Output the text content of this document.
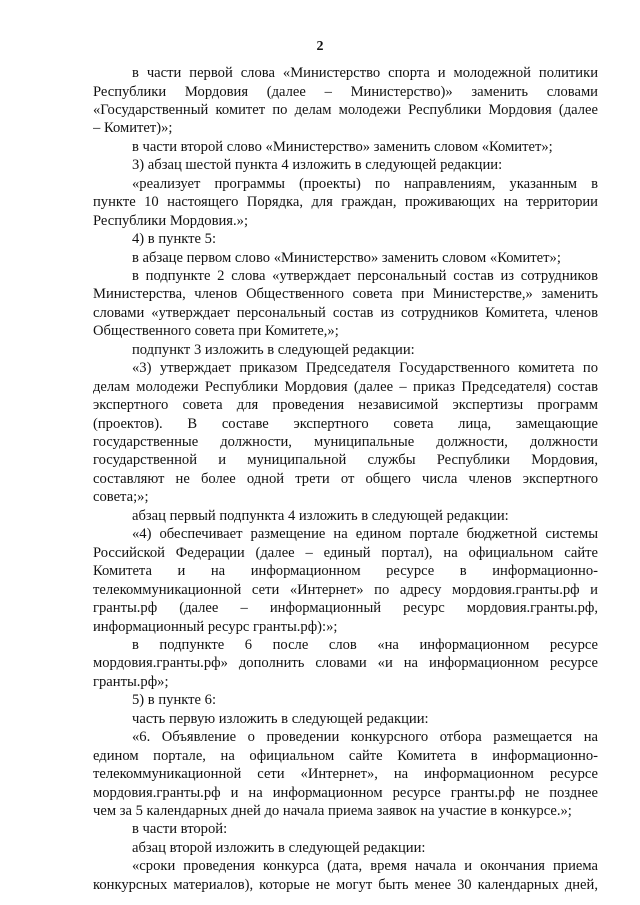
2
в части первой слова «Министерство спорта и молодежной политики
Республики Мордовия (далее – Министерство)» заменить словами
«Государственный комитет по делам молодежи Республики Мордовия (далее
– Комитет)»;
в части второй слово «Министерство» заменить словом «Комитет»;
3) абзац шестой пункта 4 изложить в следующей редакции:
«реализует программы (проекты) по направлениям, указанным в
пункте 10 настоящего Порядка, для граждан, проживающих на территории
Республики Мордовия.»;
4) в пункте 5:
в абзаце первом слово «Министерство» заменить словом «Комитет»;
в подпункте 2 слова «утверждает персональный состав из сотрудников
Министерства, членов Общественного совета при Министерстве,» заменить
словами «утверждает персональный состав из сотрудников Комитета, членов
Общественного совета при Комитете,»;
подпункт 3 изложить в следующей редакции:
«3) утверждает приказом Председателя Государственного комитета по
делам молодежи Республики Мордовия (далее – приказ Председателя) состав
экспертного совета для проведения независимой экспертизы программ
(проектов). В составе экспертного совета лица, замещающие
государственные должности, муниципальные должности, должности
государственной и муниципальной службы Республики Мордовия,
составляют не более одной трети от общего числа членов экспертного
совета;»;
абзац первый подпункта 4 изложить в следующей редакции:
«4) обеспечивает размещение на едином портале бюджетной системы
Российской Федерации (далее – единый портал), на официальном сайте
Комитета и на информационном ресурсе в информационно-
телекоммуникационной сети «Интернет» по адресу мордовия.гранты.рф и
гранты.рф (далее – информационный ресурс мордовия.гранты.рф,
информационный ресурс гранты.рф):»;
в подпункте 6 после слов «на информационном ресурсе
мордовия.гранты.рф» дополнить словами «и на информационном ресурсе
гранты.рф»;
5) в пункте 6:
часть первую изложить в следующей редакции:
«6. Объявление о проведении конкурсного отбора размещается на
едином портале, на официальном сайте Комитета в информационно-
телекоммуникационной сети «Интернет», на информационном ресурсе
мордовия.гранты.рф и на информационном ресурсе гранты.рф не позднее
чем за 5 календарных дней до начала приема заявок на участие в конкурсе.»;
в части второй:
абзац второй изложить в следующей редакции:
«сроки проведения конкурса (дата, время начала и окончания приема
конкурсных материалов), которые не могут быть менее 30 календарных дней,
